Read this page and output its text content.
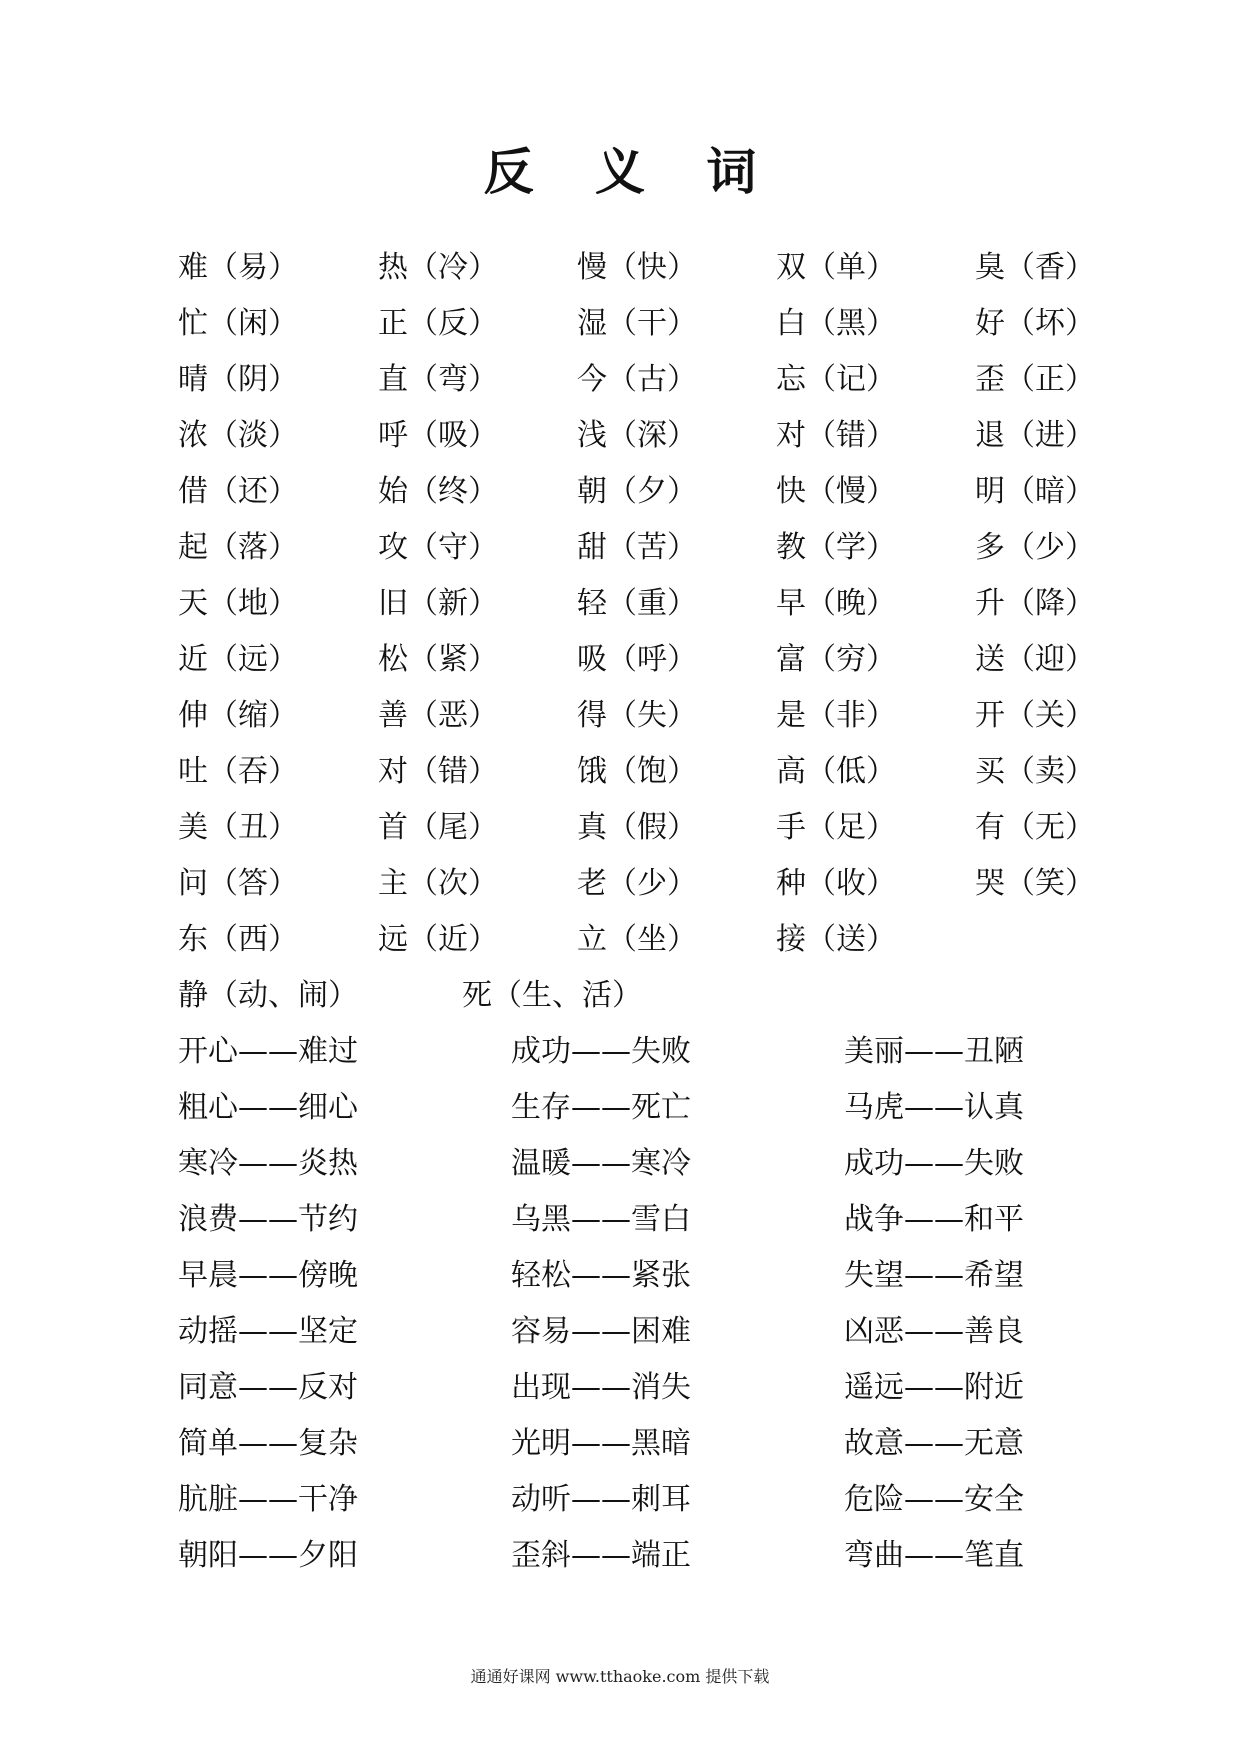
反 义 词
难（易）	热（冷）	慢（快）	双（单）	臭（香）
忙（闲）	正（反）	湿（干）	白（黑）	好（坏）
晴（阴）	直（弯）	今（古）	忘（记）	歪（正）
浓（淡）	呼（吸）	浅（深）	对（错）	退（进）
借（还）	始（终）	朝（夕）	快（慢）	明（暗）
起（落）	攻（守）	甜（苦）	教（学）	多（少）
天（地）	旧（新）	轻（重）	早（晚）	升（降）
近（远）	松（紧）	吸（呼）	富（穷）	送（迎）
伸（缩）	善（恶）	得（失）	是（非）	开（关）
吐（吞）	对（错）	饿（饱）	高（低）	买（卖）
美（丑）	首（尾）	真（假）	手（足）	有（无）
问（答）	主（次）	老（少）	种（收）	哭（笑）
东（西）	远（近）	立（坐）	接（送）
静（动、闹）	死（生、活）
开心——难过	成功——失败	美丽——丑陋
粗心——细心	生存——死亡	马虎——认真
寒冷——炎热	温暖——寒冷	成功——失败
浪费——节约	乌黑——雪白	战争——和平
早晨——傍晚	轻松——紧张	失望——希望
动摇——坚定	容易——困难	凶恶——善良
同意——反对	出现——消失	遥远——附近
简单——复杂	光明——黑暗	故意——无意
肮脏——干净	动听——刺耳	危险——安全
朝阳——夕阳	歪斜——端正	弯曲——笔直
通通好课网 www.tthaoke.com 提供下载
